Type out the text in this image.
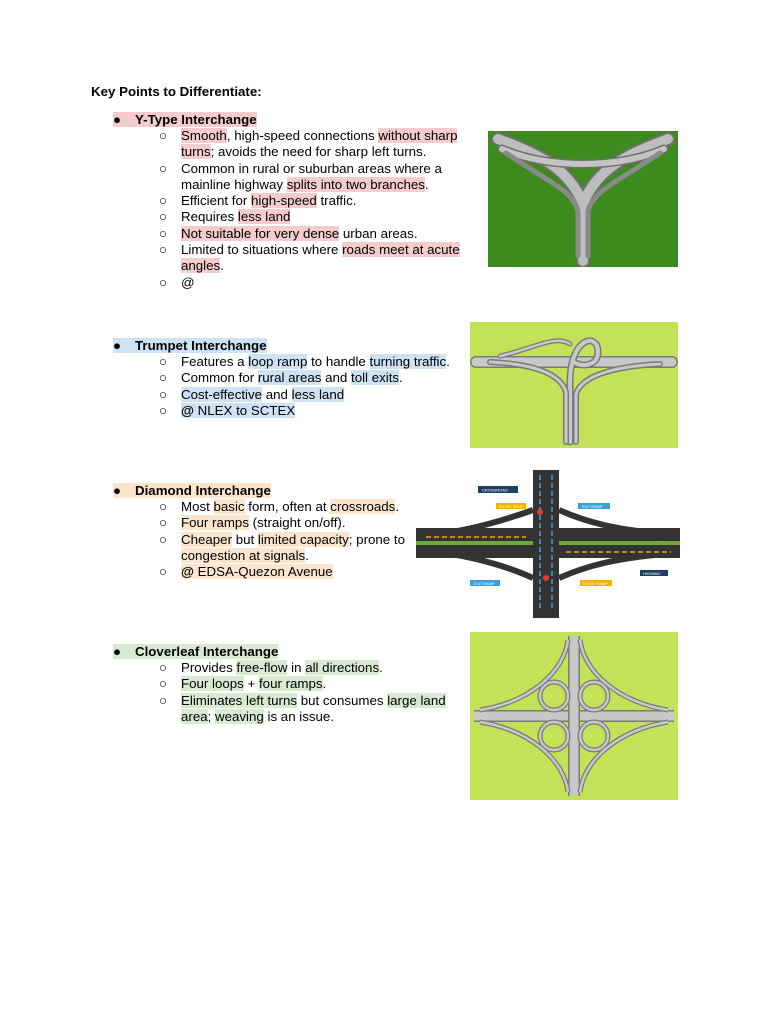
Key Points to Differentiate:
● Y-Type Interchange
○ Smooth, high-speed connections without sharp turns; avoids the need for sharp left turns.
○ Common in rural or suburban areas where a mainline highway splits into two branches.
○ Efficient for high-speed traffic.
○ Requires less land
○ Not suitable for very dense urban areas.
○ Limited to situations where roads meet at acute angles.
○ @
● Trumpet Interchange
○ Features a loop ramp to handle turning traffic.
○ Common for rural areas and toll exits.
○ Cost-effective and less land
○ @ NLEX to SCTEX
● Diamond Interchange
○ Most basic form, often at crossroads.
○ Four ramps (straight on/off).
○ Cheaper but limited capacity; prone to congestion at signals.
○ @ EDSA-Quezon Avenue
● Cloverleaf Interchange
○ Provides free-flow in all directions.
○ Four loops + four ramps.
○ Eliminates left turns but consumes large land area; weaving is an issue.
CROSSROAD
ENTRY RAMP	EXIT RAMP
EXIT RAMP	ENTRY RAMP
HIGHWAY
